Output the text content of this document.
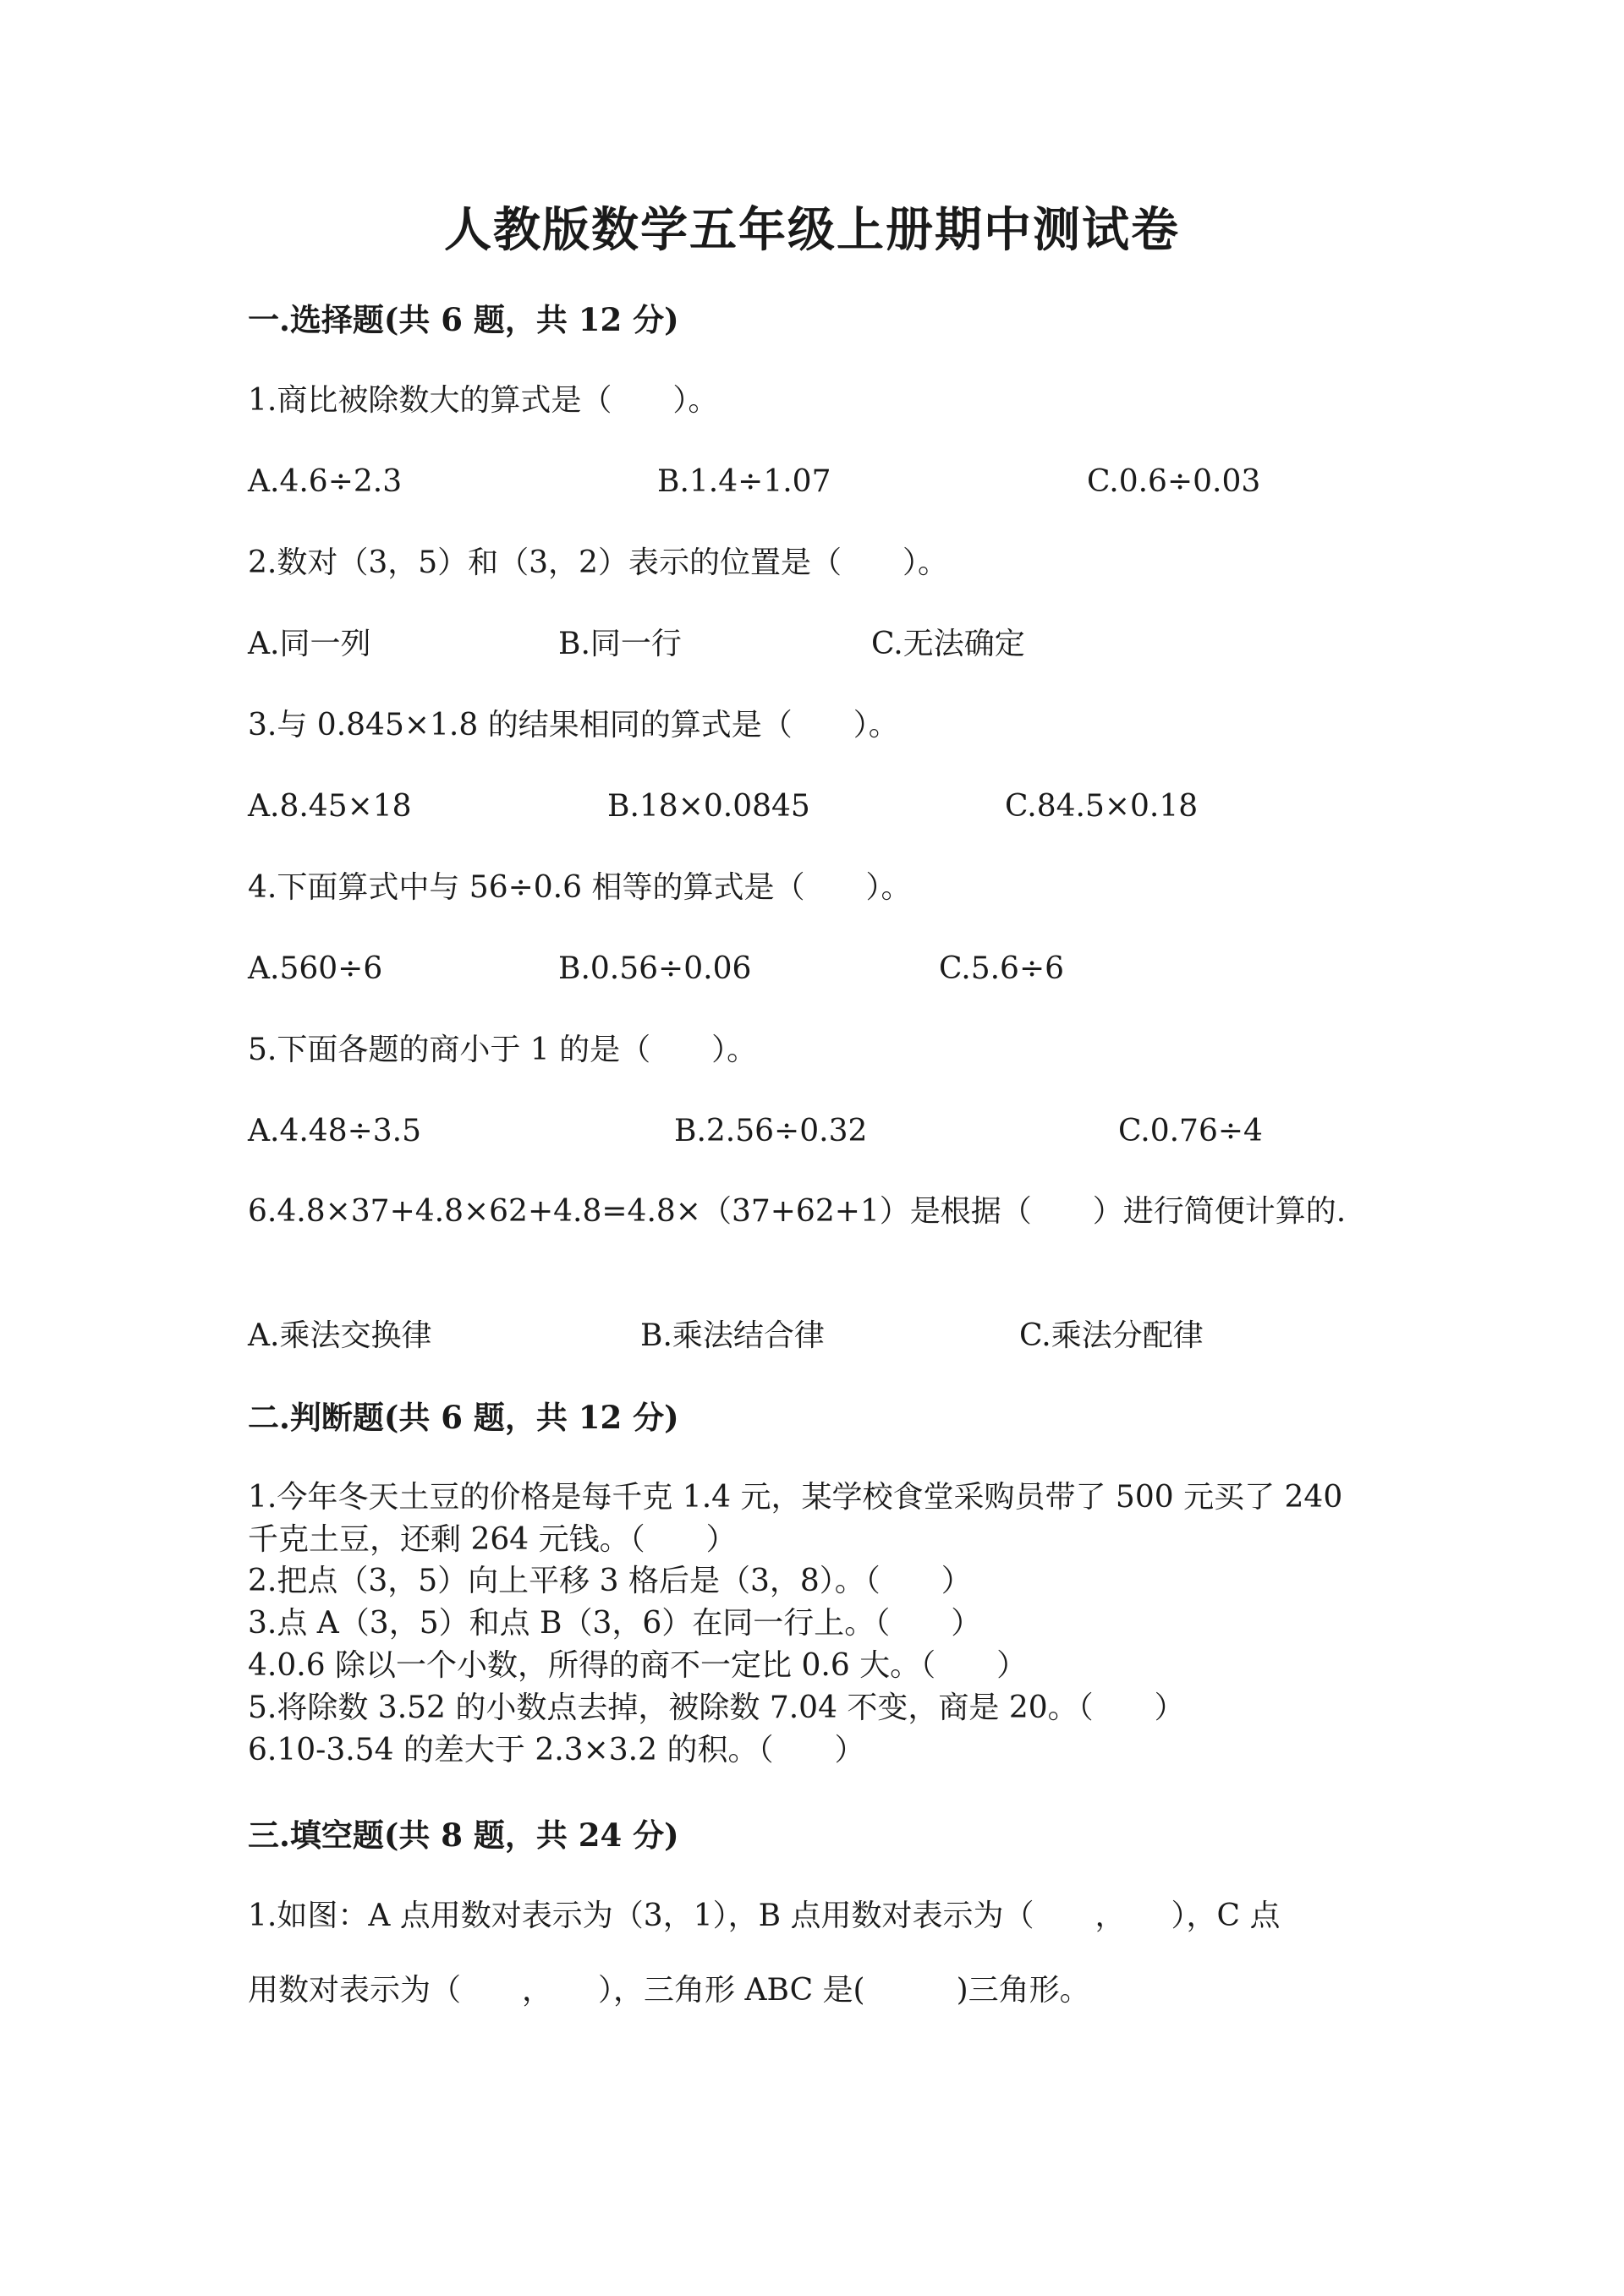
人教版数学五年级上册期中测试卷
一.选择题(共 6 题，共 12 分)
1.商比被除数大的算式是（　　）。
A.4.6÷2.3	B.1.4÷1.07	C.0.6÷0.03
2.数对（3，5）和（3，2）表示的位置是（　　）。
A.同一列	B.同一行	C.无法确定
3.与 0.845×1.8 的结果相同的算式是（　　）。
A.8.45×18	B.18×0.0845	C.84.5×0.18
4.下面算式中与 56÷0.6 相等的算式是（　　）。
A.560÷6	B.0.56÷0.06	C.5.6÷6
5.下面各题的商小于 1 的是（　　）。
A.4.48÷3.5	B.2.56÷0.32	C.0.76÷4
6.4.8×37+4.8×62+4.8=4.8×（37+62+1）是根据（　　）进行简便计算的.
A.乘法交换律	B.乘法结合律	C.乘法分配律
二.判断题(共 6 题，共 12 分)
1.今年冬天土豆的价格是每千克 1.4 元，某学校食堂采购员带了 500 元买了 240 千克土豆，还剩 264 元钱。（　　）
2.把点（3，5）向上平移 3 格后是（3，8）。（　　）
3.点 A（3，5）和点 B（3，6）在同一行上。（　　）
4.0.6 除以一个小数，所得的商不一定比 0.6 大。（　　）
5.将除数 3.52 的小数点去掉，被除数 7.04 不变，商是 20。（　　）
6.10-3.54 的差大于 2.3×3.2 的积。（　　）
三.填空题(共 8 题，共 24 分)
1.如图：A 点用数对表示为（3，1），B 点用数对表示为（　　，　　），C 点
用数对表示为（　　，　　），三角形 ABC 是(　　　)三角形。
